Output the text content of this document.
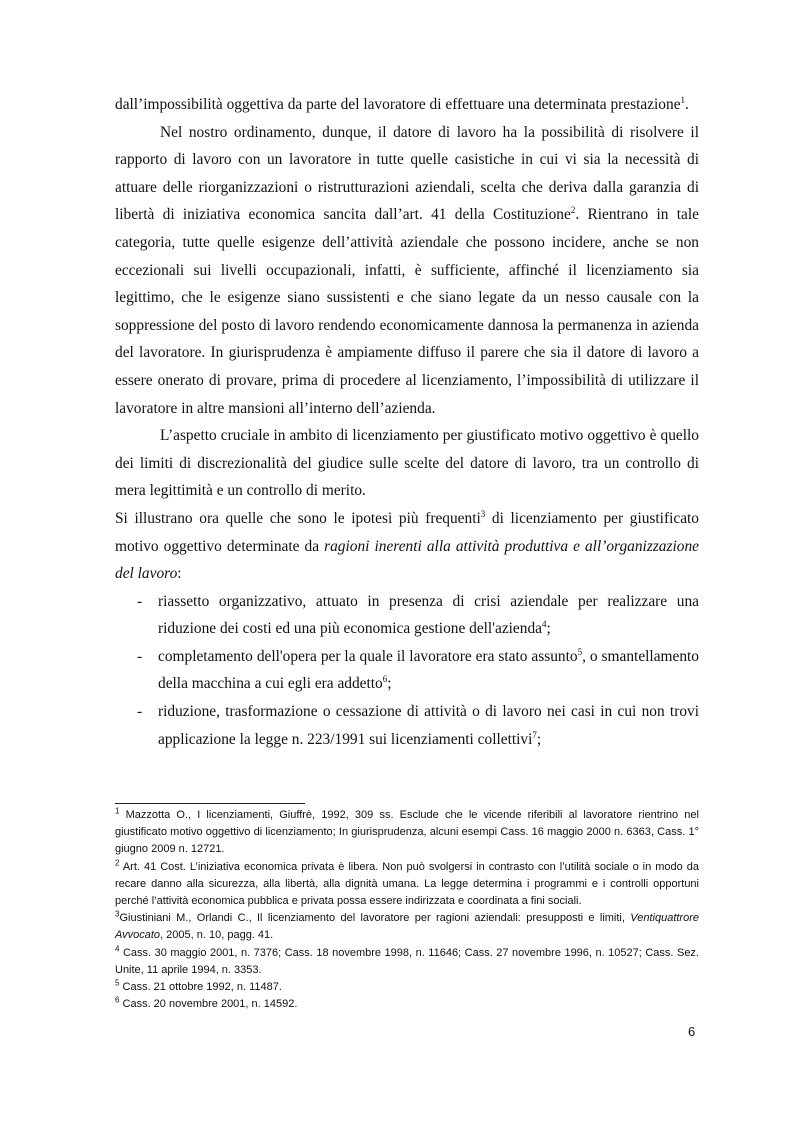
dall’impossibilità oggettiva da parte del lavoratore di effettuare una determinata prestazione$^1$.

Nel nostro ordinamento, dunque, il datore di lavoro ha la possibilità di risolvere il rapporto di lavoro con un lavoratore in tutte quelle casistiche in cui vi sia la necessità di attuare delle riorganizzazioni o ristrutturazioni aziendali, scelta che deriva dalla garanzia di libertà di iniziativa economica sancita dall’art. 41 della Costituzione$^2$. Rientrano in tale categoria, tutte quelle esigenze dell’attività aziendale che possono incidere, anche se non eccezionali sui livelli occupazionali, infatti, è sufficiente, affinché il licenziamento sia legittimo, che le esigenze siano sussistenti e che siano legate da un nesso causale con la soppressione del posto di lavoro rendendo economicamente dannosa la permanenza in azienda del lavoratore. In giurisprudenza è ampiamente diffuso il parere che sia il datore di lavoro a essere onerato di provare, prima di procedere al licenziamento, l’impossibilità di utilizzare il lavoratore in altre mansioni all’interno dell’azienda.

L’aspetto cruciale in ambito di licenziamento per giustificato motivo oggettivo è quello dei limiti di discrezionalità del giudice sulle scelte del datore di lavoro, tra un controllo di mera legittimità e un controllo di merito.

Si illustrano ora quelle che sono le ipotesi più frequenti$^3$ di licenziamento per giustificato motivo oggettivo determinate da ragioni inerenti alla attività produttiva e all’organizzazione del lavoro:

- riassetto organizzativo, attuato in presenza di crisi aziendale per realizzare una riduzione dei costi ed una più economica gestione dell'azienda$^4$;
- completamento dell'opera per la quale il lavoratore era stato assunto$^5$, o smantellamento della macchina a cui egli era addetto$^6$;
- riduzione, trasformazione o cessazione di attività o di lavoro nei casi in cui non trovi applicazione la legge n. 223/1991 sui licenziamenti collettivi$^7$;

$^1$ Mazzotta O., I licenziamenti, Giuffrè, 1992, 309 ss. Esclude che le vicende riferibili al lavoratore rientrino nel giustificato motivo oggettivo di licenziamento; In giurisprudenza, alcuni esempi Cass. 16 maggio 2000 n. 6363, Cass. 1° giugno 2009 n. 12721.

$^2$ Art. 41 Cost. L’iniziativa economica privata è libera. Non può svolgersi in contrasto con l’utilità sociale o in modo da recare danno alla sicurezza, alla libertà, alla dignità umana. La legge determina i programmi e i controlli opportuni perché l’attività economica pubblica e privata possa essere indirizzata e coordinata a fini sociali.

$^3$Giustiniani M., Orlandi C., Il licenziamento del lavoratore per ragioni aziendali: presupposti e limiti, Ventiquattrore Avvocato, 2005, n. 10, pagg. 41.

$^4$ Cass. 30 maggio 2001, n. 7376; Cass. 18 novembre 1998, n. 11646; Cass. 27 novembre 1996, n. 10527; Cass. Sez. Unite, 11 aprile 1994, n. 3353.

$^5$ Cass. 21 ottobre 1992, n. 11487.

$^6$ Cass. 20 novembre 2001, n. 14592.

6
